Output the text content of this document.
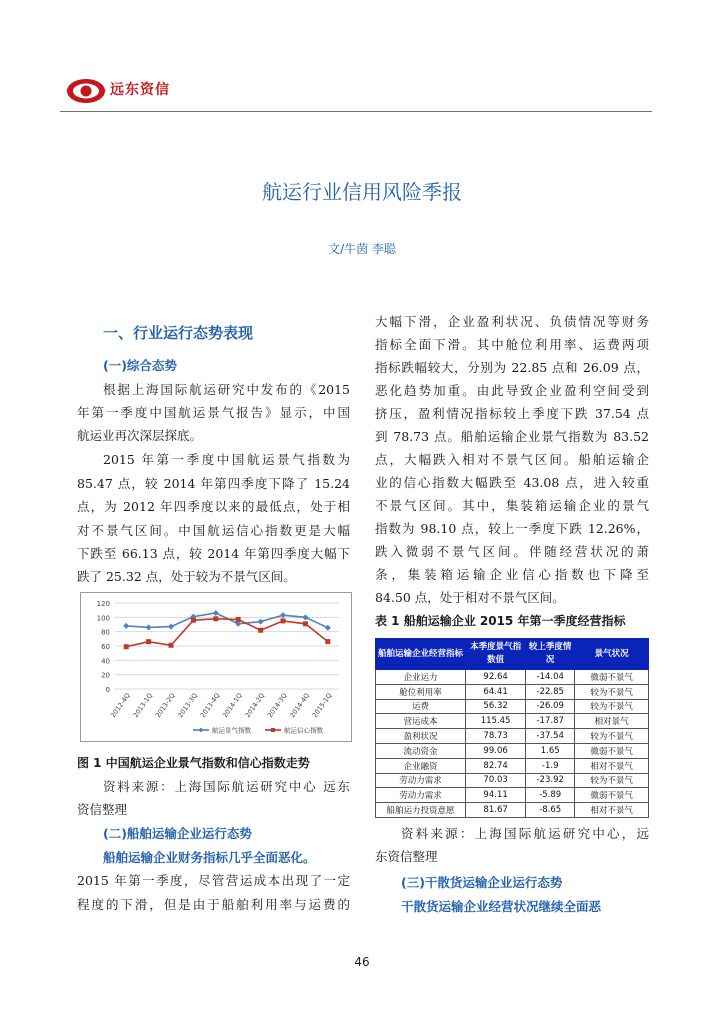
远东资信
航运行业信用风险季报
文/牛茵 李聪
一、行业运行态势表现
(一)综合态势
根据上海国际航运研究中发布的《2015
年第一季度中国航运景气报告》显示，中国
航运业再次深层探底。
2015 年第一季度中国航运景气指数为
85.47 点，较 2014 年第四季度下降了 15.24
点，为 2012 年四季度以来的最低点，处于相
对不景气区间。中国航运信心指数更是大幅
下跌至 66.13 点，较 2014 年第四季度大幅下
跌了 25.32 点，处于较为不景气区间。
120
100
80
60
40
20
0
2012-4Q 2013-1Q 2013-2Q 2013-3Q 2013-4Q 2014-1Q 2014-2Q 2014-3Q 2014-4Q 2015-1Q
航运景气指数	航运信心指数
图 1 中国航运企业景气指数和信心指数走势
资料来源：上海国际航运研究中心 远东
资信整理
(二)船舶运输企业运行态势
船舶运输企业财务指标几乎全面恶化。
2015 年第一季度，尽管营运成本出现了一定
程度的下滑，但是由于船舶利用率与运费的
大幅下滑，企业盈利状况、负债情况等财务
指标全面下滑。其中舱位利用率、运费两项
指标跌幅较大，分别为 22.85 点和 26.09 点，
恶化趋势加重。由此导致企业盈利空间受到
挤压，盈利情况指标较上季度下跌 37.54 点
到 78.73 点。船舶运输企业景气指数为 83.52
点，大幅跌入相对不景气区间。船舶运输企
业的信心指数大幅跌至 43.08 点，进入较重
不景气区间。其中，集装箱运输企业的景气
指数为 98.10 点，较上一季度下跌 12.26%，
跌入微弱不景气区间。伴随经营状况的萧
条，集装箱运输企业信心指数也下降至
84.50 点，处于相对不景气区间。
表 1 船舶运输企业 2015 年第一季度经营指标
船舶运输企业经营指标	本季度景气指数值	较上季度情况	景气状况
企业运力	92.64	-14.04	微弱不景气
舱位利用率	64.41	-22.85	较为不景气
运费	56.32	-26.09	较为不景气
营运成本	115.45	-17.87	相对景气
盈利状况	78.73	-37.54	较为不景气
流动资金	99.06	1.65	微弱不景气
企业融资	82.74	-1.9	相对不景气
劳动力需求	70.03	-23.92	较为不景气
劳动力需求	94.11	-5.89	微弱不景气
船舶运力投资意愿	81.67	-8.65	相对不景气
资料来源：上海国际航运研究中心，远
东资信整理
(三)干散货运输企业运行态势
干散货运输企业经营状况继续全面恶
46
